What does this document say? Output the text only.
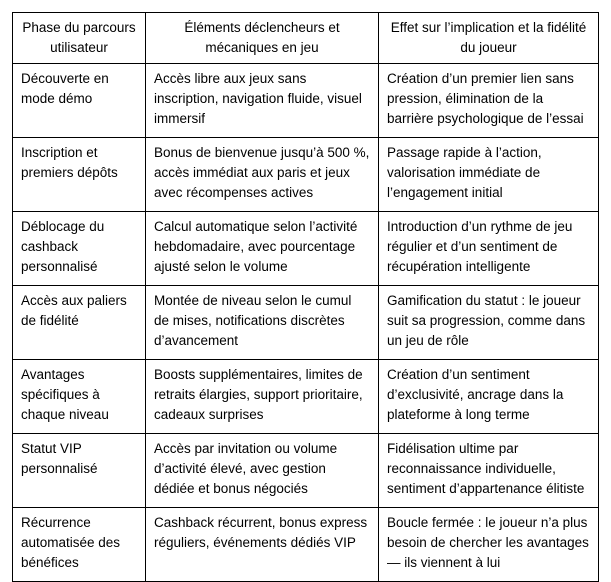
Phase du parcours utilisateur	Éléments déclencheurs et mécaniques en jeu	Effet sur l’implication et la fidélité du joueur
Découverte en mode démo	Accès libre aux jeux sans inscription, navigation fluide, visuel immersif	Création d’un premier lien sans pression, élimination de la barrière psychologique de l’essai
Inscription et premiers dépôts	Bonus de bienvenue jusqu’à 500 %, accès immédiat aux paris et jeux avec récompenses actives	Passage rapide à l’action, valorisation immédiate de l’engagement initial
Déblocage du cashback personnalisé	Calcul automatique selon l’activité hebdomadaire, avec pourcentage ajusté selon le volume	Introduction d’un rythme de jeu régulier et d’un sentiment de récupération intelligente
Accès aux paliers de fidélité	Montée de niveau selon le cumul de mises, notifications discrètes d’avancement	Gamification du statut : le joueur suit sa progression, comme dans un jeu de rôle
Avantages spécifiques à chaque niveau	Boosts supplémentaires, limites de retraits élargies, support prioritaire, cadeaux surprises	Création d’un sentiment d’exclusivité, ancrage dans la plateforme à long terme
Statut VIP personnalisé	Accès par invitation ou volume d’activité élevé, avec gestion dédiée et bonus négociés	Fidélisation ultime par reconnaissance individuelle, sentiment d’appartenance élitiste
Récurrence automatisée des bénéfices	Cashback récurrent, bonus express réguliers, événements dédiés VIP	Boucle fermée : le joueur n’a plus besoin de chercher les avantages — ils viennent à lui
